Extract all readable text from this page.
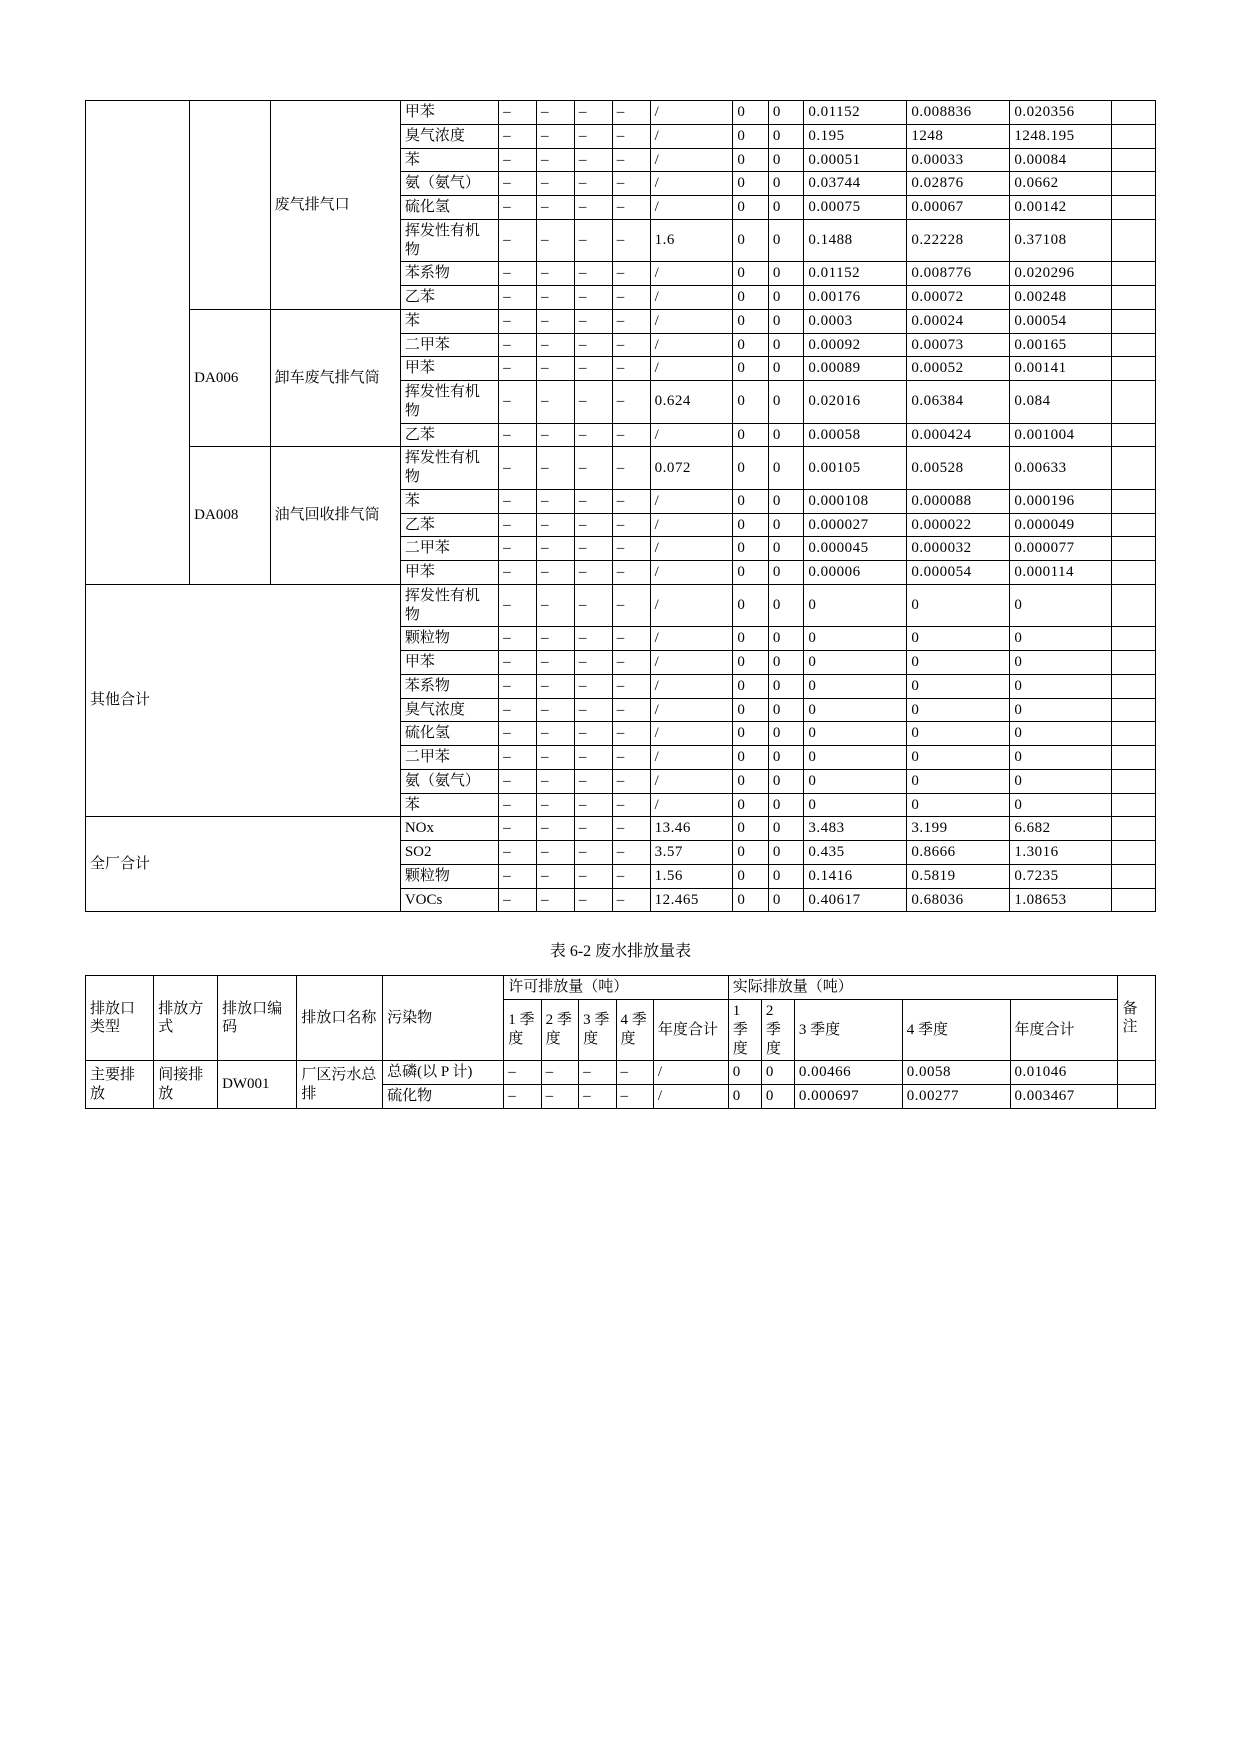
		废气排气口	甲苯	–	–	–	–	/	0	0	0.01152	0.008836	0.020356	
			臭气浓度	–	–	–	–	/	0	0	0.195	1248	1248.195	
			苯	–	–	–	–	/	0	0	0.00051	0.00033	0.00084	
			氨（氨气）	–	–	–	–	/	0	0	0.03744	0.02876	0.0662	
			硫化氢	–	–	–	–	/	0	0	0.00075	0.00067	0.00142	
			挥发性有机物	–	–	–	–	1.6	0	0	0.1488	0.22228	0.37108	
			苯系物	–	–	–	–	/	0	0	0.01152	0.008776	0.020296	
			乙苯	–	–	–	–	/	0	0	0.00176	0.00072	0.00248	
	DA006	卸车废气排气筒	苯	–	–	–	–	/	0	0	0.0003	0.00024	0.00054	
			二甲苯	–	–	–	–	/	0	0	0.00092	0.00073	0.00165	
			甲苯	–	–	–	–	/	0	0	0.00089	0.00052	0.00141	
			挥发性有机物	–	–	–	–	0.624	0	0	0.02016	0.06384	0.084	
			乙苯	–	–	–	–	/	0	0	0.00058	0.000424	0.001004	
	DA008	油气回收排气筒	挥发性有机物	–	–	–	–	0.072	0	0	0.00105	0.00528	0.00633	
			苯	–	–	–	–	/	0	0	0.000108	0.000088	0.000196	
			乙苯	–	–	–	–	/	0	0	0.000027	0.000022	0.000049	
			二甲苯	–	–	–	–	/	0	0	0.000045	0.000032	0.000077	
			甲苯	–	–	–	–	/	0	0	0.00006	0.000054	0.000114	
其他合计			挥发性有机物	–	–	–	–	/	0	0	0	0	0	
			颗粒物	–	–	–	–	/	0	0	0	0	0	
			甲苯	–	–	–	–	/	0	0	0	0	0	
			苯系物	–	–	–	–	/	0	0	0	0	0	
			臭气浓度	–	–	–	–	/	0	0	0	0	0	
			硫化氢	–	–	–	–	/	0	0	0	0	0	
			二甲苯	–	–	–	–	/	0	0	0	0	0	
			氨（氨气）	–	–	–	–	/	0	0	0	0	0	
			苯	–	–	–	–	/	0	0	0	0	0	
全厂合计			NOx	–	–	–	–	13.46	0	0	3.483	3.199	6.682	
			SO2	–	–	–	–	3.57	0	0	0.435	0.8666	1.3016	
			颗粒物	–	–	–	–	1.56	0	0	0.1416	0.5819	0.7235	
			VOCs	–	–	–	–	12.465	0	0	0.40617	0.68036	1.08653	
表 6-2 废水排放量表
排放口类型	排放方式	排放口编码	排放口名称	污染物	许可排放量（吨）					实际排放量（吨）					备注
					1 季度	2 季度	3 季度	4 季度	年度合计	1 季度	2 季度	3 季度	4 季度	年度合计	
主要排放	间接排放	DW001	厂区污水总排	总磷(以 P 计)	–	–	–	–	/	0	0	0.00466	0.0058	0.01046	
				硫化物	–	–	–	–	/	0	0	0.000697	0.00277	0.003467	
